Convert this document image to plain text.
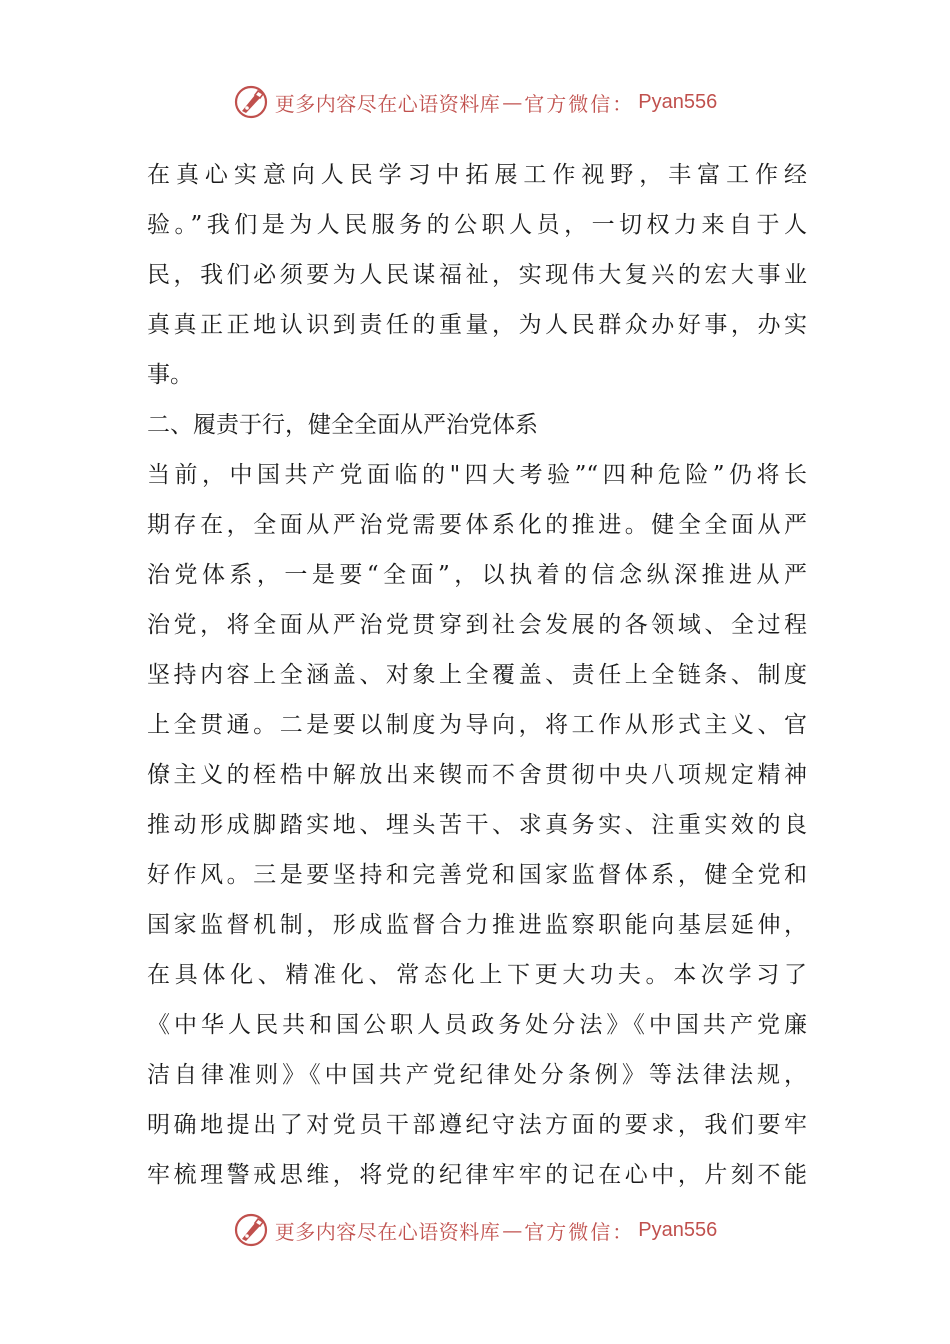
更多内容尽在心语资料库 — 官方微信： Pyan556
在真心实意向人民学习中拓展工作视野，丰富工作经
验。”我们是为人民服务的公职人员，一切权力来自于人
民，我们必须要为人民谋福祉，实现伟大复兴的宏大事业
真真正正地认识到责任的重量，为人民群众办好事，办实
事。
二、履责于行，健全全面从严治党体系
当前，中国共产党面临的"四大考验”“四种危险”仍将长
期存在，全面从严治党需要体系化的推进。健全全面从严
治党体系，一是要“全面”，以执着的信念纵深推进从严
治党，将全面从严治党贯穿到社会发展的各领域、全过程
坚持内容上全涵盖、对象上全覆盖、责任上全链条、制度
上全贯通。二是要以制度为导向，将工作从形式主义、官
僚主义的桎梏中解放出来锲而不舍贯彻中央八项规定精神
推动形成脚踏实地、埋头苦干、求真务实、注重实效的良
好作风。三是要坚持和完善党和国家监督体系，健全党和
国家监督机制，形成监督合力推进监察职能向基层延伸，
在具体化、精准化、常态化上下更大功夫。本次学习了
《中华人民共和国公职人员政务处分法》《中国共产党廉
洁自律准则》《中国共产党纪律处分条例》等法律法规，
明确地提出了对党员干部遵纪守法方面的要求，我们要牢
牢梳理警戒思维，将党的纪律牢牢的记在心中，片刻不能
更多内容尽在心语资料库 — 官方微信： Pyan556
